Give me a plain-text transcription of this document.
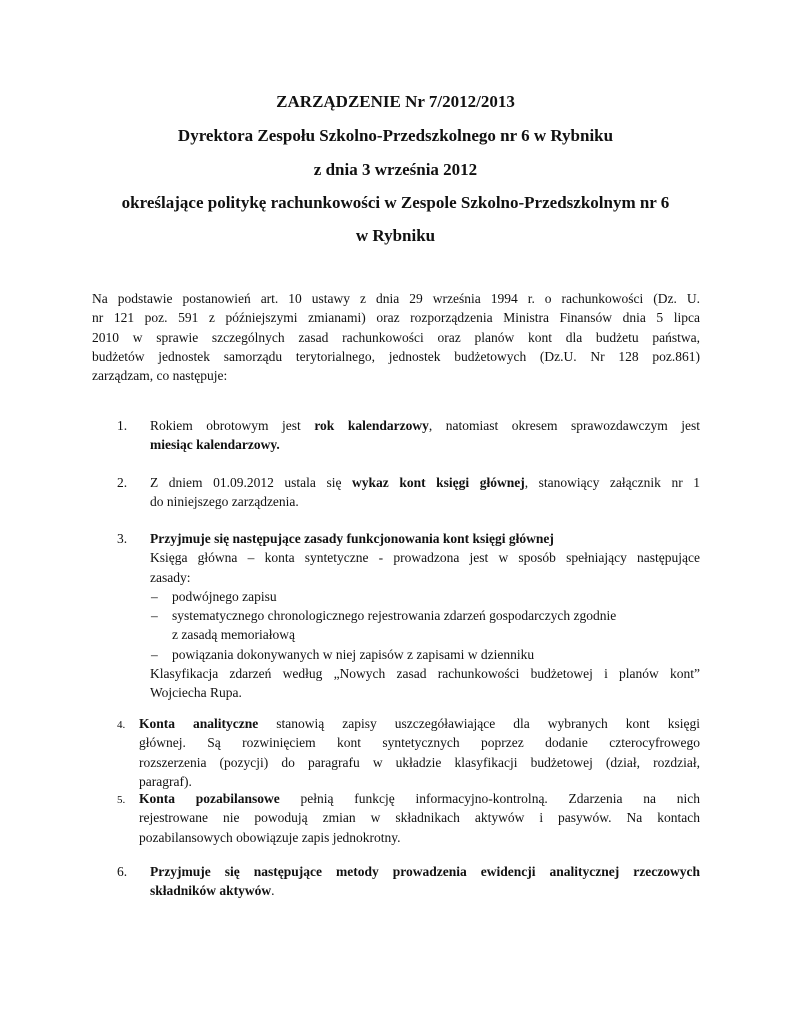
ZARZĄDZENIE Nr 7/2012/2013
Dyrektora Zespołu Szkolno-Przedszkolnego nr 6 w Rybniku
z dnia 3 września 2012
określające politykę rachunkowości w Zespole Szkolno-Przedszkolnym nr 6
w Rybniku
Na podstawie postanowień art. 10 ustawy z dnia 29 września 1994 r. o rachunkowości (Dz. U.
nr 121 poz. 591 z późniejszymi zmianami) oraz rozporządzenia Ministra Finansów dnia 5 lipca
2010 w sprawie szczególnych zasad rachunkowości oraz planów kont dla budżetu państwa,
budżetów jednostek samorządu terytorialnego, jednostek budżetowych (Dz.U. Nr 128 poz.861)
zarządzam, co następuje:
1. Rokiem obrotowym jest rok kalendarzowy, natomiast okresem sprawozdawczym jest
miesiąc kalendarzowy.
2. Z dniem 01.09.2012 ustala się wykaz kont księgi głównej, stanowiący załącznik nr 1
do niniejszego zarządzenia.
3. Przyjmuje się następujące zasady funkcjonowania kont księgi głównej
Księga główna – konta syntetyczne - prowadzona jest w sposób spełniający następujące
zasady:
– podwójnego zapisu
– systematycznego chronologicznego rejestrowania zdarzeń gospodarczych zgodnie
z zasadą memoriałową
– powiązania dokonywanych w niej zapisów z zapisami w dzienniku
Klasyfikacja zdarzeń według „Nowych zasad rachunkowości budżetowej i planów kont”
Wojciecha Rupa.
4. Konta analityczne stanowią zapisy uszczegóławiające dla wybranych kont księgi
głównej. Są rozwinięciem kont syntetycznych poprzez dodanie czterocyfrowego
rozszerzenia (pozycji) do paragrafu w układzie klasyfikacji budżetowej (dział, rozdział,
paragraf).
5. Konta pozabilansowe pełnią funkcję informacyjno-kontrolną. Zdarzenia na nich
rejestrowane nie powodują zmian w składnikach aktywów i pasywów. Na kontach
pozabilansowych obowiązuje zapis jednokrotny.
6. Przyjmuje się następujące metody prowadzenia ewidencji analitycznej rzeczowych
składników aktywów.
